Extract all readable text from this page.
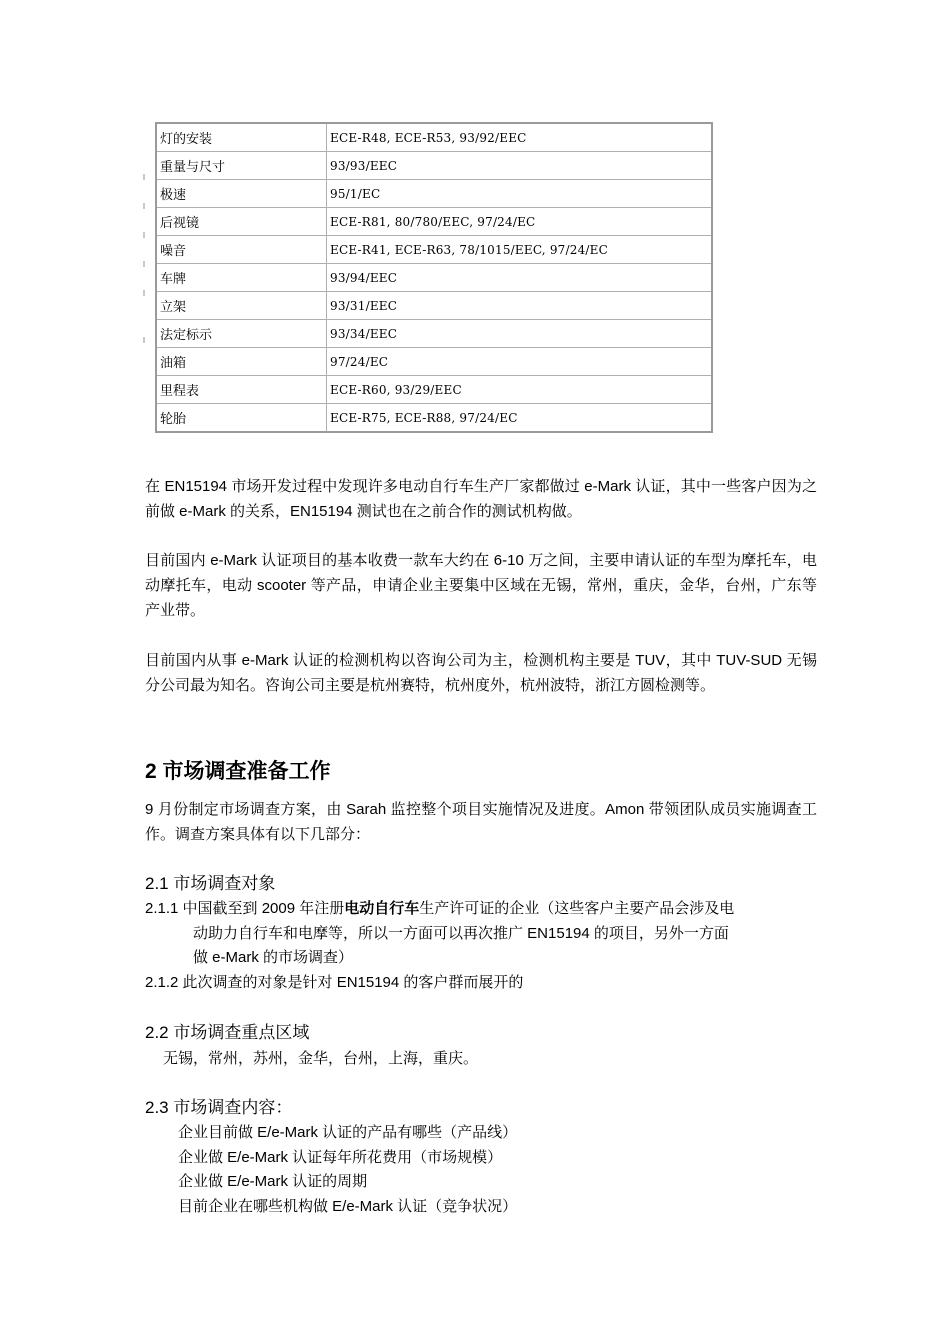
灯的安装	ECE-R48, ECE-R53, 93/92/EEC
重量与尺寸	93/93/EEC
极速	95/1/EC
后视镜	ECE-R81, 80/780/EEC, 97/24/EC
噪音	ECE-R41, ECE-R63, 78/1015/EEC, 97/24/EC
车牌	93/94/EEC
立架	93/31/EEC
法定标示	93/34/EEC
油箱	97/24/EC
里程表	ECE-R60, 93/29/EEC
轮胎	ECE-R75, ECE-R88, 97/24/EC

在 EN15194 市场开发过程中发现许多电动自行车生产厂家都做过 e-Mark 认证，其中一些客户因为之前做 e-Mark 的关系，EN15194 测试也在之前合作的测试机构做。

目前国内 e-Mark 认证项目的基本收费一款车大约在 6-10 万之间，主要申请认证的车型为摩托车，电动摩托车，电动 scooter 等产品，申请企业主要集中区域在无锡，常州，重庆，金华，台州，广东等产业带。

目前国内从事 e-Mark 认证的检测机构以咨询公司为主，检测机构主要是 TUV，其中 TUV-SUD 无锡分公司最为知名。咨询公司主要是杭州赛特，杭州度外，杭州波特，浙江方圆检测等。

2 市场调查准备工作

9 月份制定市场调查方案，由 Sarah 监控整个项目实施情况及进度。Amon 带领团队成员实施调查工作。调查方案具体有以下几部分：

2.1 市场调查对象
2.1.1 中国截至到 2009 年注册电动自行车生产许可证的企业（这些客户主要产品会涉及电
动助力自行车和电摩等，所以一方面可以再次推广 EN15194 的项目，另外一方面
做 e-Mark 的市场调查）
2.1.2 此次调查的对象是针对 EN15194 的客户群而展开的
2.2 市场调查重点区域
无锡，常州，苏州，金华，台州，上海，重庆。
2.3 市场调查内容：
企业目前做 E/e-Mark 认证的产品有哪些（产品线）
企业做 E/e-Mark 认证每年所花费用（市场规模）
企业做 E/e-Mark 认证的周期
目前企业在哪些机构做 E/e-Mark 认证（竞争状况）
